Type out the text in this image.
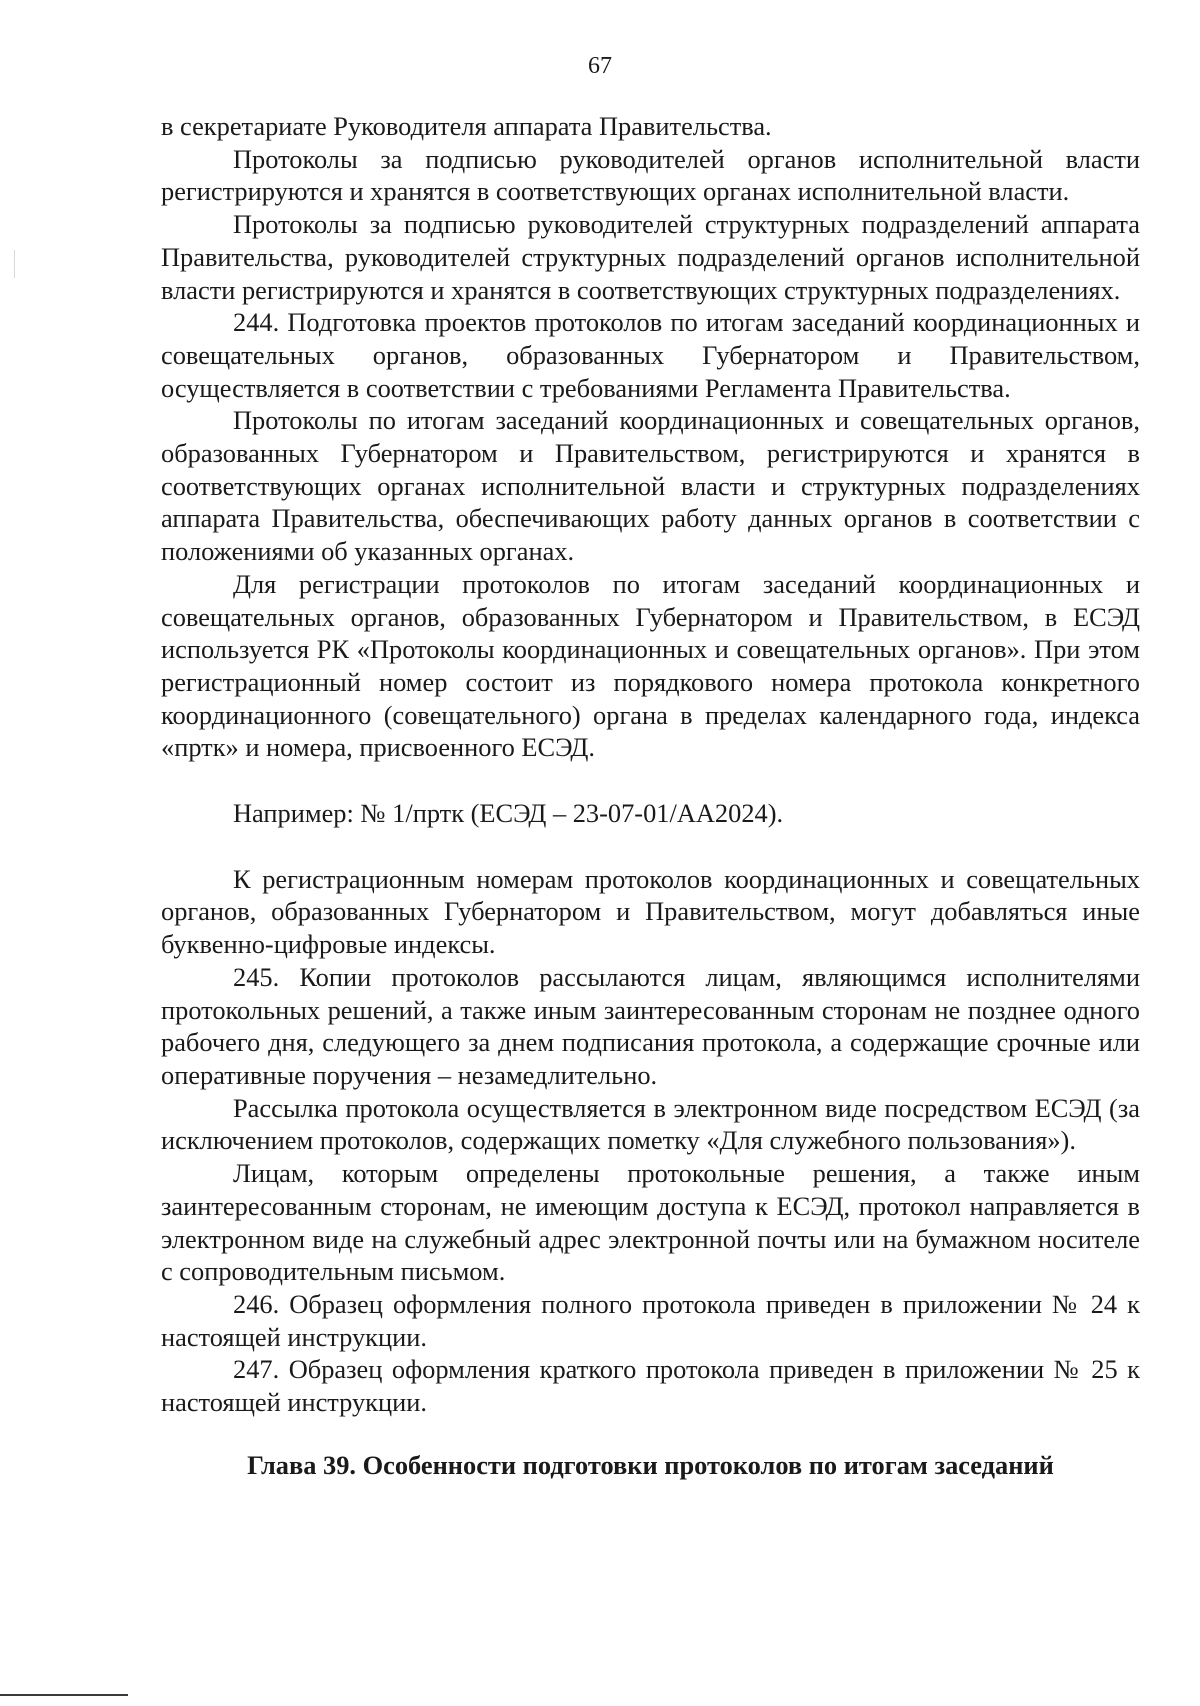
67

в секретариате Руководителя аппарата Правительства.

Протоколы за подписью руководителей органов исполнительной власти регистрируются и хранятся в соответствующих органах исполнительной власти.

Протоколы за подписью руководителей структурных подразделений аппарата Правительства, руководителей структурных подразделений органов исполнительной власти регистрируются и хранятся в соответствующих структурных подразделениях.

244. Подготовка проектов протоколов по итогам заседаний координационных и совещательных органов, образованных Губернатором и Правительством, осуществляется в соответствии с требованиями Регламента Правительства.

Протоколы по итогам заседаний координационных и совещательных органов, образованных Губернатором и Правительством, регистрируются и хранятся в соответствующих органах исполнительной власти и структурных подразделениях аппарата Правительства, обеспечивающих работу данных органов в соответствии с положениями об указанных органах.

Для регистрации протоколов по итогам заседаний координационных и совещательных органов, образованных Губернатором и Правительством, в ЕСЭД используется РК «Протоколы координационных и совещательных органов». При этом регистрационный номер состоит из порядкового номера протокола конкретного координационного (совещательного) органа в пределах календарного года, индекса «пртк» и номера, присвоенного ЕСЭД.

Например: № 1/пртк (ЕСЭД – 23-07-01/АА2024).

К регистрационным номерам протоколов координационных и совещательных органов, образованных Губернатором и Правительством, могут добавляться иные буквенно-цифровые индексы.

245. Копии протоколов рассылаются лицам, являющимся исполнителями протокольных решений, а также иным заинтересованным сторонам не позднее одного рабочего дня, следующего за днем подписания протокола, а содержащие срочные или оперативные поручения – незамедлительно.

Рассылка протокола осуществляется в электронном виде посредством ЕСЭД (за исключением протоколов, содержащих пометку «Для служебного пользования»).

Лицам, которым определены протокольные решения, а также иным заинтересованным сторонам, не имеющим доступа к ЕСЭД, протокол направляется в электронном виде на служебный адрес электронной почты или на бумажном носителе с сопроводительным письмом.

246. Образец оформления полного протокола приведен в приложении № 24 к настоящей инструкции.

247. Образец оформления краткого протокола приведен в приложении № 25 к настоящей инструкции.

Глава 39. Особенности подготовки протоколов по итогам заседаний
